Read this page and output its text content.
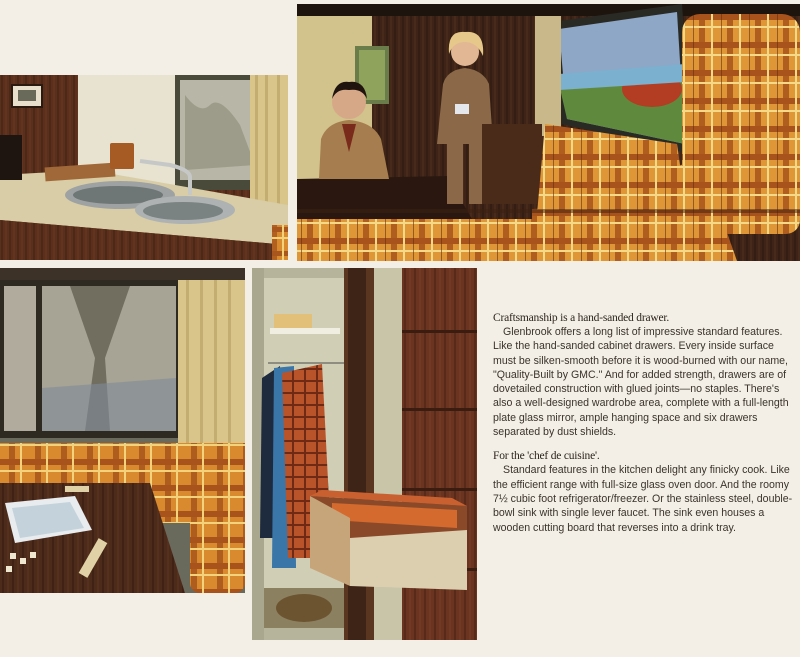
Craftsmanship is a hand-sanded drawer.

Glenbrook offers a long list of impressive standard features. Like the hand-sanded cabinet drawers. Every inside surface must be silken-smooth before it is wood-burned with our name, "Quality-Built by GMC." And for added strength, drawers are of dovetailed construction with glued joints—no staples. There's also a well-designed wardrobe area, complete with a full-length plate glass mirror, ample hanging space and six drawers separated by dust shields.

For the 'chef de cuisine'.

Standard features in the kitchen delight any finicky cook. Like the efficient range with full-size glass oven door. And the roomy 7½ cubic foot refrigerator/freezer. Or the stainless steel, double-bowl sink with single lever faucet. The sink even houses a wooden cutting board that reverses into a drink tray.
